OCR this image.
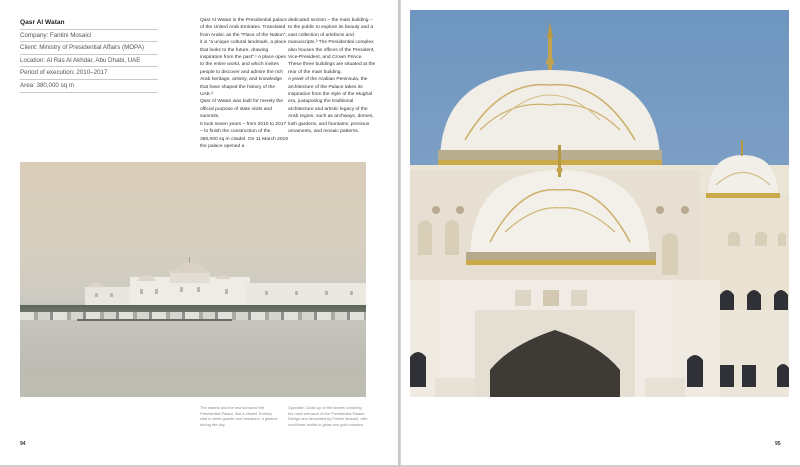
Qasr Al Watan
Company: Fantini Mosaici
Client: Ministry of Presidential Affairs (MOPA)
Location: Al Ras Al Akhdar, Abu Dhabi, UAE
Period of execution: 2010–2017
Area: 380,000 sq m

Qasr Al Watan is the Presidential palace of the United Arab Emirates. Translated from Arabic as the “Place of the Nation”, it is “a unique cultural landmark, a place that looks to the future, drawing inspiration from the past”.¹ A place open to the entire world, and which invites people to discover and admire the rich Arab heritage, artistry, and knowledge that have shaped the history of the UAE.²

Qasr Al Watan was built for merely the official purpose of state visits and summits.

It took seven years – from 2010 to 2017 – to finish the construction of the 380,000 sq m citadel. On 11 March 2019 the palace opened a

dedicated section – the main building – to the public to explore its beauty and a vast collection of artefacts and manuscripts.³ The Presidential complex also houses the offices of the President, Vice-President, and Crown Prince. These three buildings are situated at the rear of the main building.

A jewel of the Arabian Peninsula, the architecture of the Palace takes its inspiration from the style of the Mughal era, juxtaposing the traditional architecture and artistic legacy of the Arab region, such as archways, domes, lush gardens, and fountains, precious ornaments, and mosaic patterns.

The marina and the sea surround the Presidential Palace, like a citadel. Entirely clad in white granite and limestone, it gleams during the day.
Opposite: Close-up of the domes crowning the main entrance of the Presidential Palace. Design and decorated by Fantini Mosaici, with curvilinear motifs in glass and gold mosaics.
94	95
